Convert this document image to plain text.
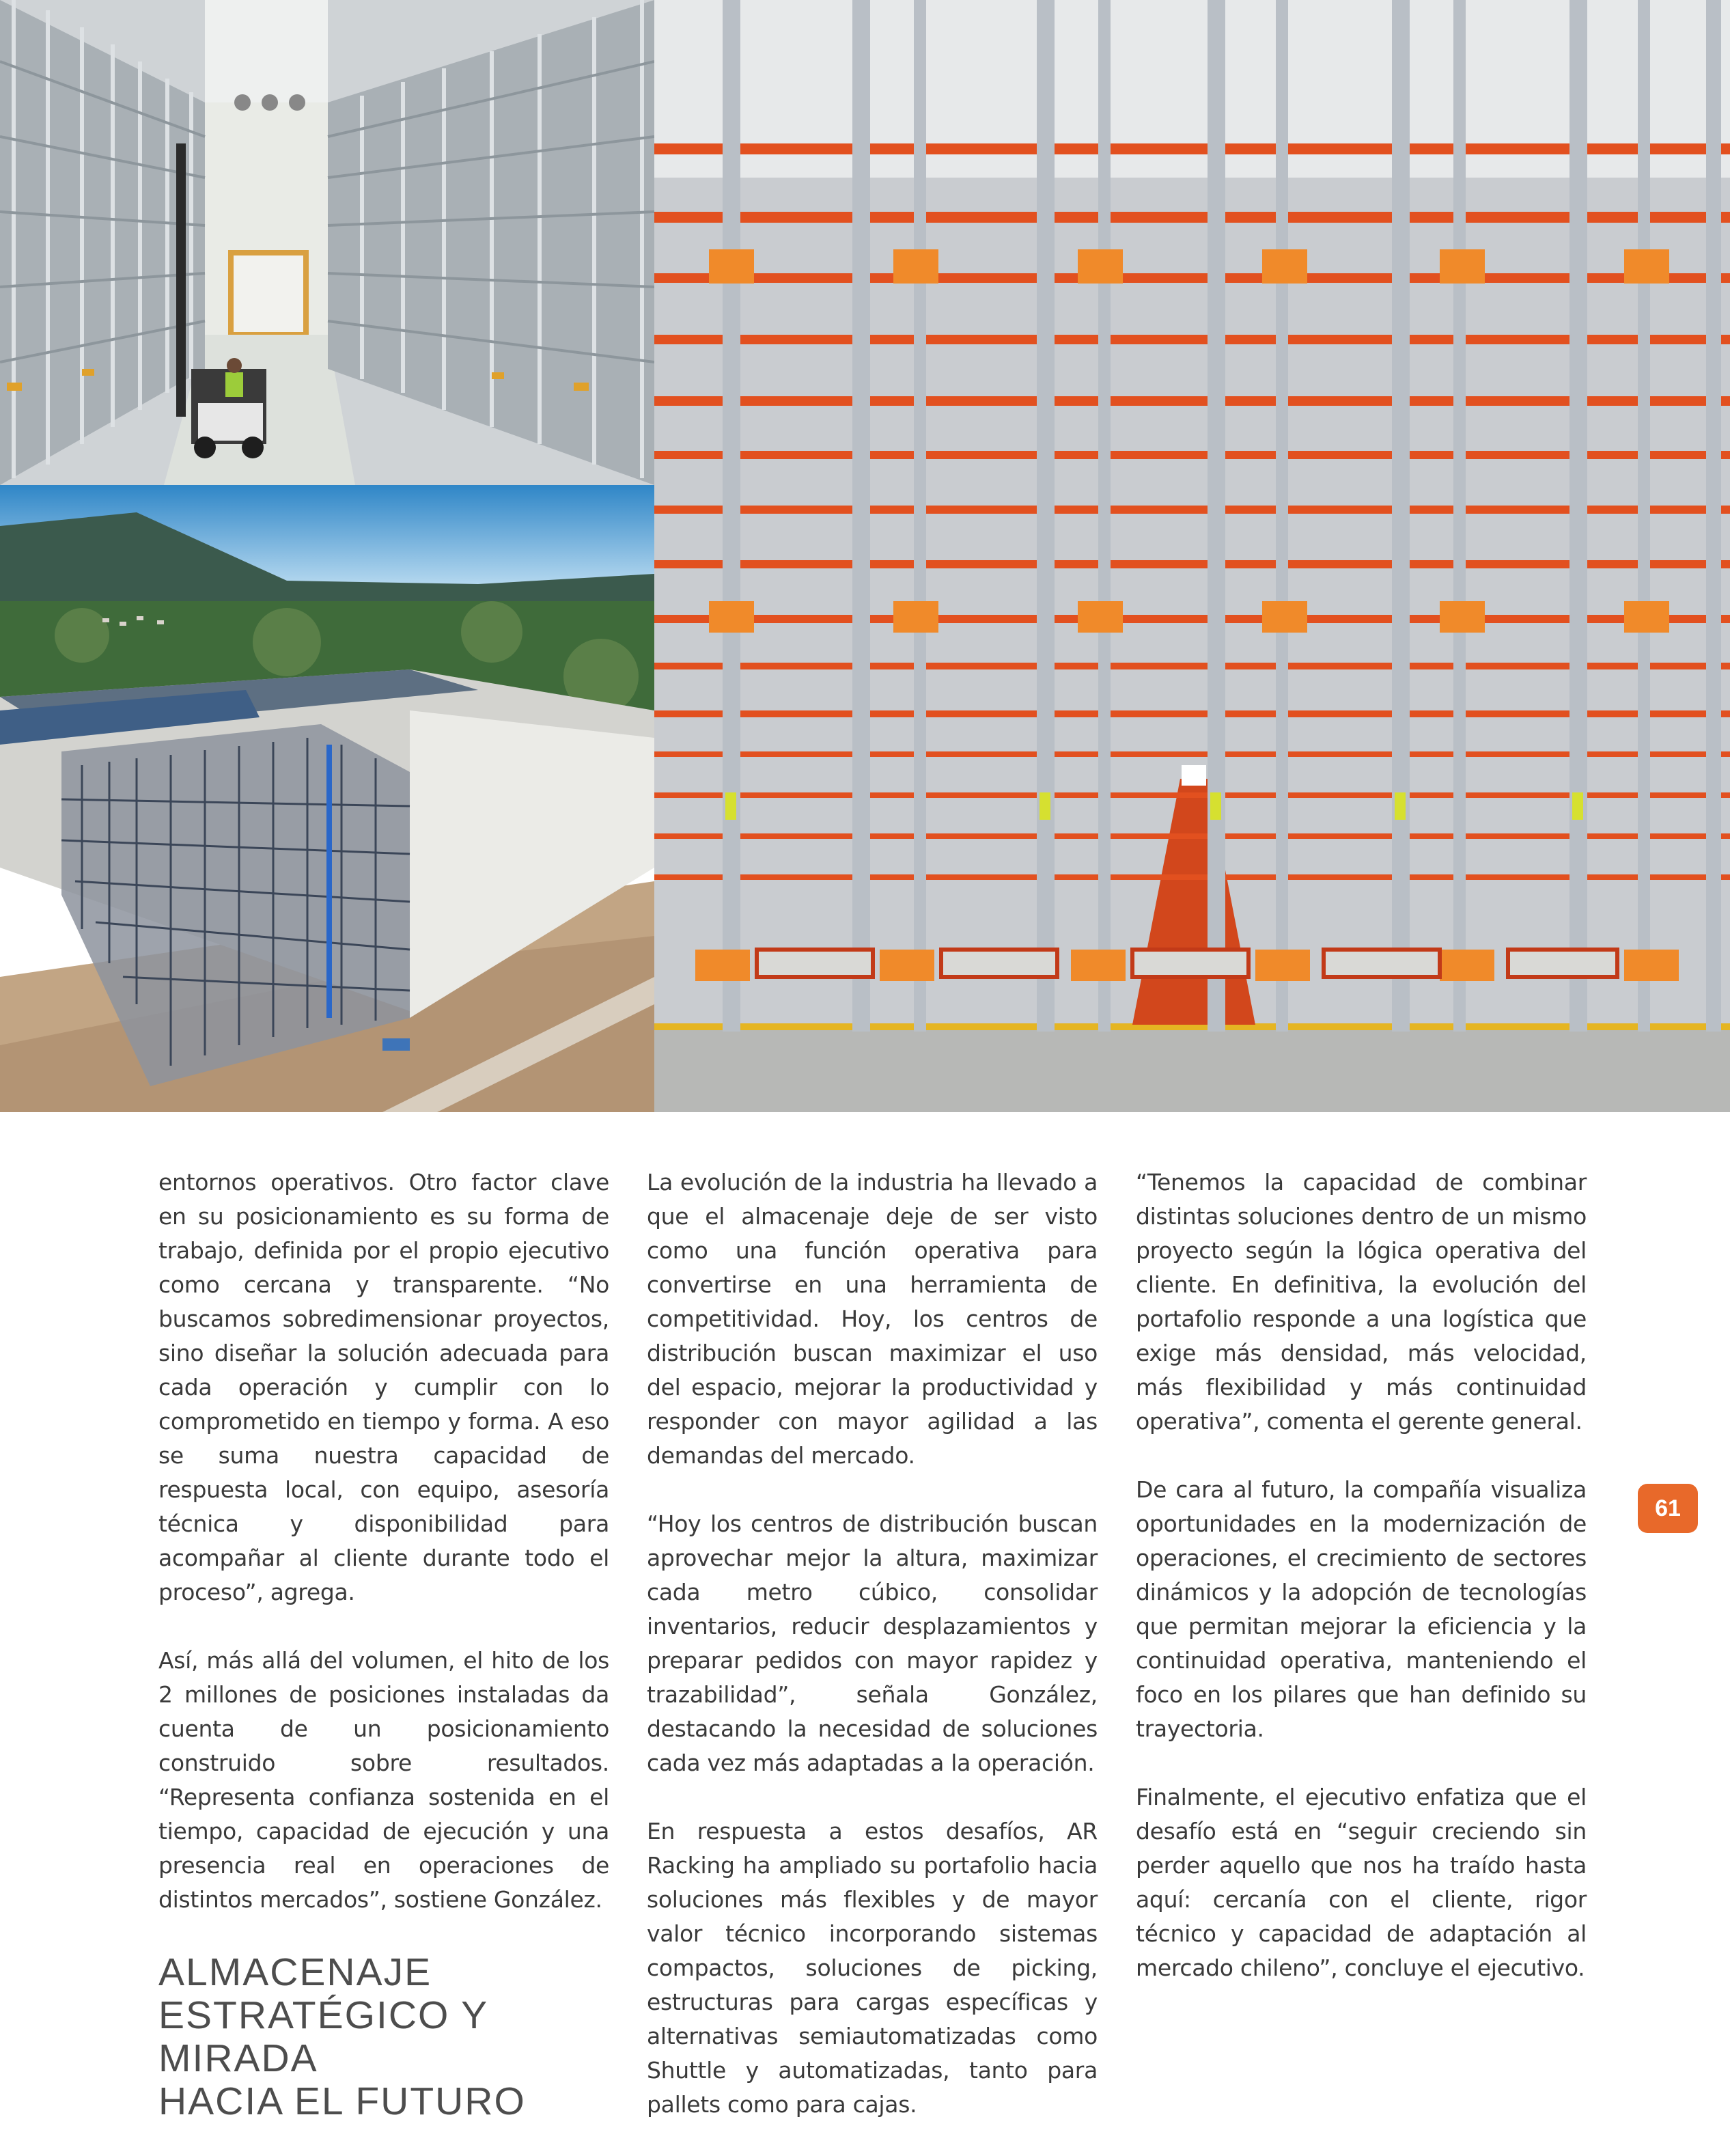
entornos operativos. Otro factor clave en su posicionamiento es su forma de trabajo, definida por el propio ejecutivo como cercana y transparente. “No buscamos sobredimensionar proyectos, sino diseñar la solución adecuada para cada operación y cumplir con lo comprometido en tiempo y forma. A eso se suma nuestra capacidad de respuesta local, con equipo, asesoría técnica y disponibilidad para acompañar al cliente durante todo el proceso”, agrega.

Así, más allá del volumen, el hito de los 2 millones de posiciones instaladas da cuenta de un posicionamiento construido sobre resultados. “Representa confianza sostenida en el tiempo, capacidad de ejecución y una presencia real en operaciones de distintos mercados”, sostiene González.

ALMACENAJE
ESTRATÉGICO Y MIRADA
HACIA EL FUTURO

La evolución de la industria ha llevado a que el almacenaje deje de ser visto como una función operativa para convertirse en una herramienta de competitividad. Hoy, los centros de distribución buscan maximizar el uso del espacio, mejorar la productividad y responder con mayor agilidad a las demandas del mercado.

“Hoy los centros de distribución buscan aprovechar mejor la altura, maximizar cada metro cúbico, consolidar inventarios, reducir desplazamientos y preparar pedidos con mayor rapidez y trazabilidad”, señala González, destacando la necesidad de soluciones cada vez más adaptadas a la operación.

En respuesta a estos desafíos, AR Racking ha ampliado su portafolio hacia soluciones más flexibles y de mayor valor técnico incorporando sistemas compactos, soluciones de picking, estructuras para cargas específicas y alternativas semiautomatizadas como Shuttle y automatizadas, tanto para pallets como para cajas.

“Tenemos la capacidad de combinar distintas soluciones dentro de un mismo proyecto según la lógica operativa del cliente. En definitiva, la evolución del portafolio responde a una logística que exige más densidad, más velocidad, más flexibilidad y más continuidad operativa”, comenta el gerente general.

De cara al futuro, la compañía visualiza oportunidades en la modernización de operaciones, el crecimiento de sectores dinámicos y la adopción de tecnologías que permitan mejorar la eficiencia y la continuidad operativa, manteniendo el foco en los pilares que han definido su trayectoria.

Finalmente, el ejecutivo enfatiza que el desafío está en “seguir creciendo sin perder aquello que nos ha traído hasta aquí: cercanía con el cliente, rigor técnico y capacidad de adaptación al mercado chileno”, concluye el ejecutivo.

61
